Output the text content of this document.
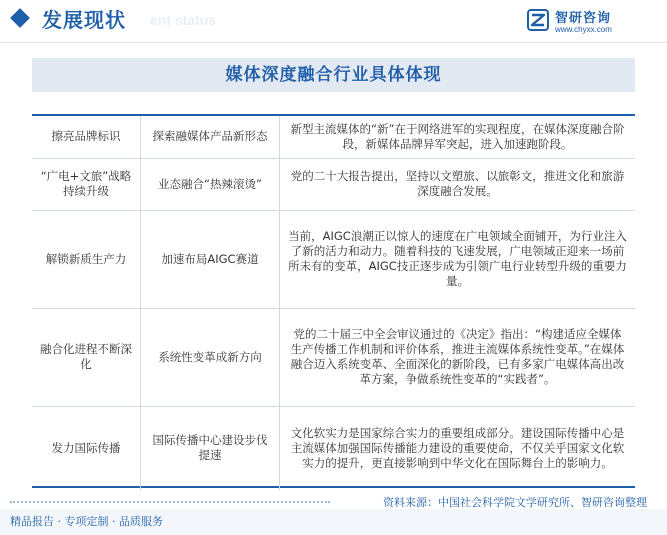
ent status
发展现状	智研咨询
www.chyxx.com
媒体深度融合行业具体体现
擦亮品牌标识	探索融媒体产品新形态	新型主流媒体的“新”在于网络进军的实现程度，在媒体深度融合阶段，新媒体品牌异军突起，进入加速跑阶段。
“广电+文旅”战略持续升级	业态融合“热辣滚烫”	党的二十大报告提出，坚持以文塑旅、以旅彰文，推进文化和旅游深度融合发展。
解锁新质生产力	加速布局AIGC赛道	当前，AIGC浪潮正以惊人的速度在广电领域全面铺开，为行业注入了新的活力和动力。随着科技的飞速发展，广电领域正迎来一场前所未有的变革，AIGC技正逐步成为引领广电行业转型升级的重要力量。
融合化进程不断深化	系统性变革成新方向	党的二十届三中全会审议通过的《决定》指出：“构建适应全媒体生产传播工作机制和评价体系，推进主流媒体系统性变革。”在媒体融合迈入系统变革、全面深化的新阶段，已有多家广电媒体高出改革方案，争做系统性变革的“实践者”。
发力国际传播	国际传播中心建设步伐提速	文化软实力是国家综合实力的重要组成部分。建设国际传播中心是主流媒体加强国际传播能力建设的重要使命，不仅关乎国家文化软实力的提升，更直接影响到中华文化在国际舞台上的影响力。
资料来源：中国社会科学院文学研究所、智研咨询整理
精品报告 · 专项定制 · 品质服务
